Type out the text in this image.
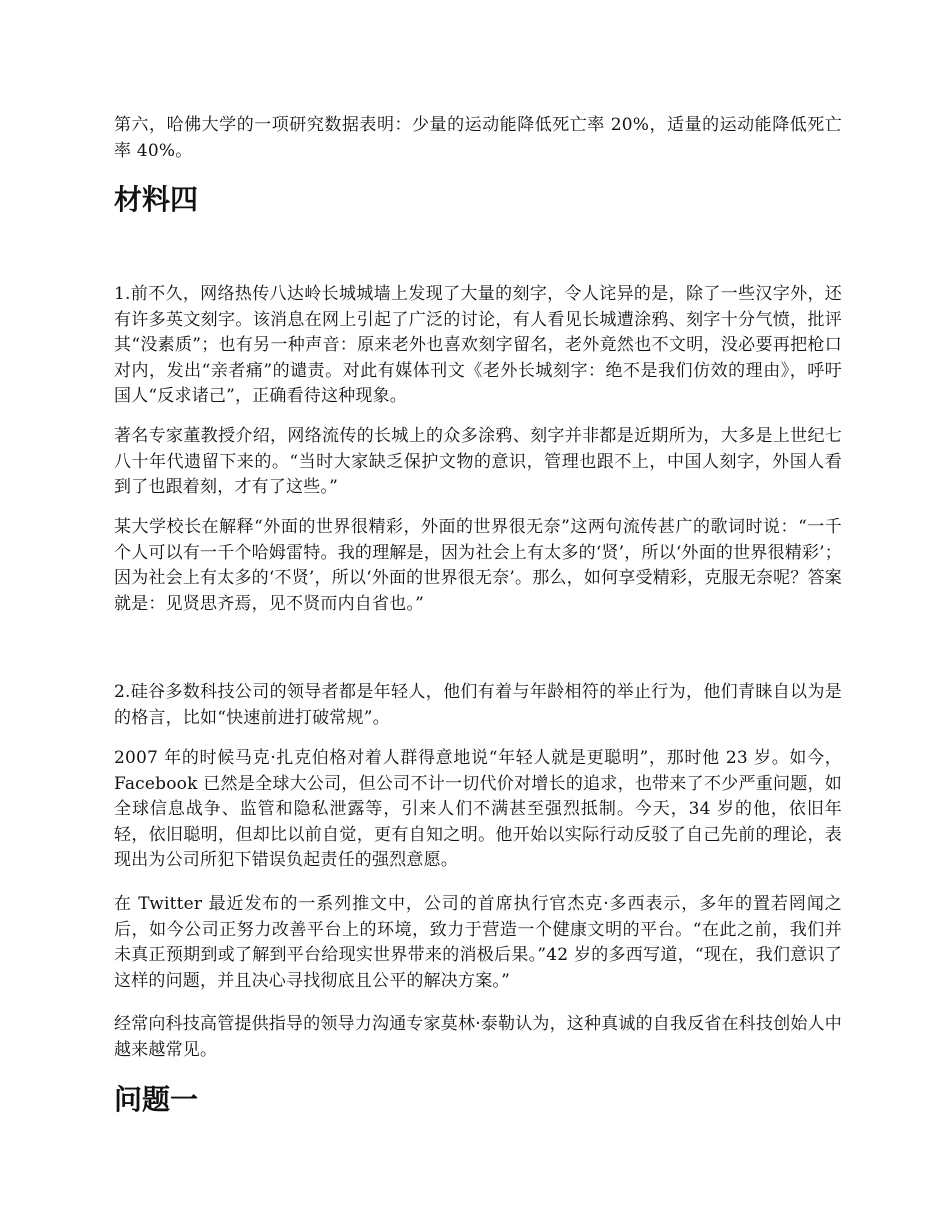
第六，哈佛大学的一项研究数据表明：少量的运动能降低死亡率 20%，适量的运动能降低死亡率 40%。

材料四

1.前不久，网络热传八达岭长城城墙上发现了大量的刻字，令人诧异的是，除了一些汉字外，还有许多英文刻字。该消息在网上引起了广泛的讨论，有人看见长城遭涂鸦、刻字十分气愤，批评其“没素质”；也有另一种声音：原来老外也喜欢刻字留名，老外竟然也不文明，没必要再把枪口对内，发出“亲者痛”的谴责。对此有媒体刊文《老外长城刻字：绝不是我们仿效的理由》，呼吁国人“反求诸己”，正确看待这种现象。

著名专家董教授介绍，网络流传的长城上的众多涂鸦、刻字并非都是近期所为，大多是上世纪七八十年代遗留下来的。“当时大家缺乏保护文物的意识，管理也跟不上，中国人刻字，外国人看到了也跟着刻，才有了这些。”

某大学校长在解释“外面的世界很精彩，外面的世界很无奈”这两句流传甚广的歌词时说：“一千个人可以有一千个哈姆雷特。我的理解是，因为社会上有太多的‘贤’，所以‘外面的世界很精彩’；因为社会上有太多的‘不贤’，所以‘外面的世界很无奈’。那么，如何享受精彩，克服无奈呢？答案就是：见贤思齐焉，见不贤而内自省也。”

2.硅谷多数科技公司的领导者都是年轻人，他们有着与年龄相符的举止行为，他们青睐自以为是的格言，比如“快速前进打破常规”。

2007 年的时候马克·扎克伯格对着人群得意地说“年轻人就是更聪明”，那时他 23 岁。如今，Facebook 已然是全球大公司，但公司不计一切代价对增长的追求，也带来了不少严重问题，如全球信息战争、监管和隐私泄露等，引来人们不满甚至强烈抵制。今天，34 岁的他，依旧年轻，依旧聪明，但却比以前自觉，更有自知之明。他开始以实际行动反驳了自己先前的理论，表现出为公司所犯下错误负起责任的强烈意愿。

在 Twitter 最近发布的一系列推文中，公司的首席执行官杰克·多西表示，多年的置若罔闻之后，如今公司正努力改善平台上的环境，致力于营造一个健康文明的平台。“在此之前，我们并未真正预期到或了解到平台给现实世界带来的消极后果。”42 岁的多西写道，“现在，我们意识了这样的问题，并且决心寻找彻底且公平的解决方案。”

经常向科技高管提供指导的领导力沟通专家莫林·泰勒认为，这种真诚的自我反省在科技创始人中越来越常见。

问题一
